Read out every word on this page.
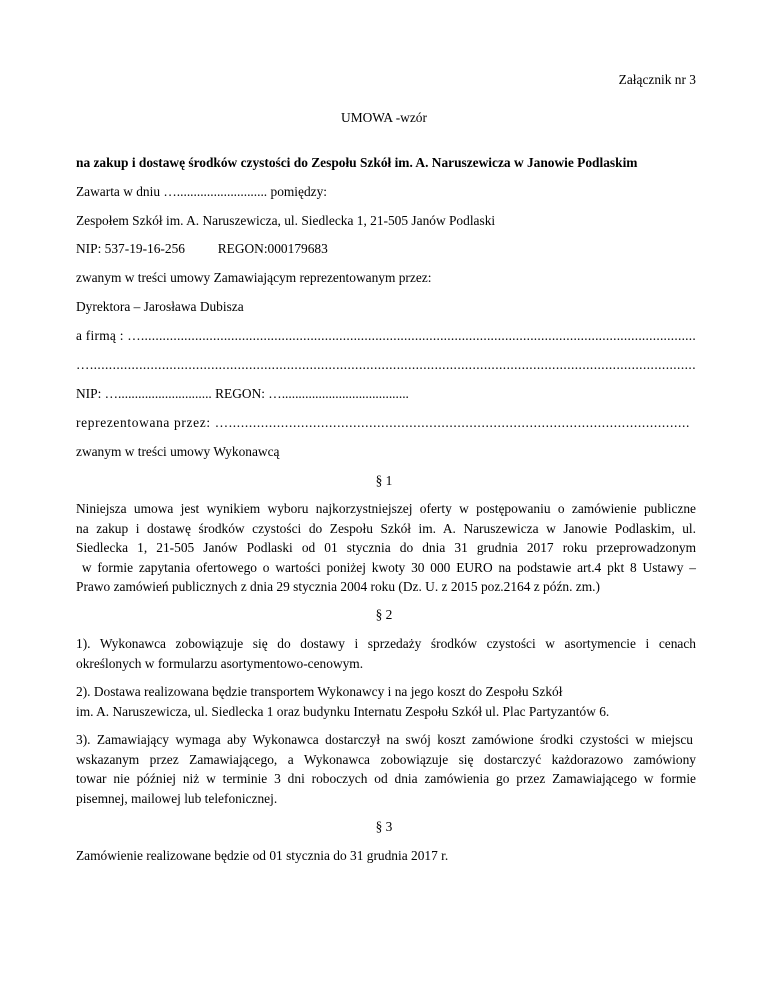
Załącznik nr 3
UMOWA -wzór
na zakup i dostawę środków czystości do Zespołu Szkół im. A. Naruszewicza w Janowie Podlaskim
Zawarta w dniu …........................... pomiędzy:
Zespołem Szkół im. A. Naruszewicza, ul. Siedlecka 1, 21-505 Janów Podlaski
NIP: 537-19-16-256 REGON:000179683
zwanym w treści umowy Zamawiającym reprezentowanym przez:
Dyrektora – Jarosława Dubisza
a firmą : …..........................................................................................................................................................
…................................................................................................................................................................
NIP: …............................ REGON: …......................................
reprezentowana przez: …...................................................................................................................
zwanym w treści umowy Wykonawcą
§ 1
Niniejsza umowa jest wynikiem wyboru najkorzystniejszej oferty w postępowaniu o zamówienie publiczne
na zakup i dostawę środków czystości do Zespołu Szkół im. A. Naruszewicza w Janowie Podlaskim, ul.
Siedlecka 1, 21-505 Janów Podlaski od 01 stycznia do dnia 31 grudnia 2017 roku przeprowadzonym
w formie zapytania ofertowego o wartości poniżej kwoty 30 000 EURO na podstawie art.4 pkt 8 Ustawy –
Prawo zamówień publicznych z dnia 29 stycznia 2004 roku (Dz. U. z 2015 poz.2164 z późn. zm.)
§ 2
1). Wykonawca zobowiązuje się do dostawy i sprzedaży środków czystości w asortymencie i cenach
określonych w formularzu asortymentowo-cenowym.
2). Dostawa realizowana będzie transportem Wykonawcy i na jego koszt do Zespołu Szkół
im. A. Naruszewicza, ul. Siedlecka 1 oraz budynku Internatu Zespołu Szkół ul. Plac Partyzantów 6.
3). Zamawiający wymaga aby Wykonawca dostarczył na swój koszt zamówione środki czystości w miejscu
wskazanym przez Zamawiającego, a Wykonawca zobowiązuje się dostarczyć każdorazowo zamówiony
towar nie później niż w terminie 3 dni roboczych od dnia zamówienia go przez Zamawiającego w formie
pisemnej, mailowej lub telefonicznej.
§ 3
Zamówienie realizowane będzie od 01 stycznia do 31 grudnia 2017 r.
